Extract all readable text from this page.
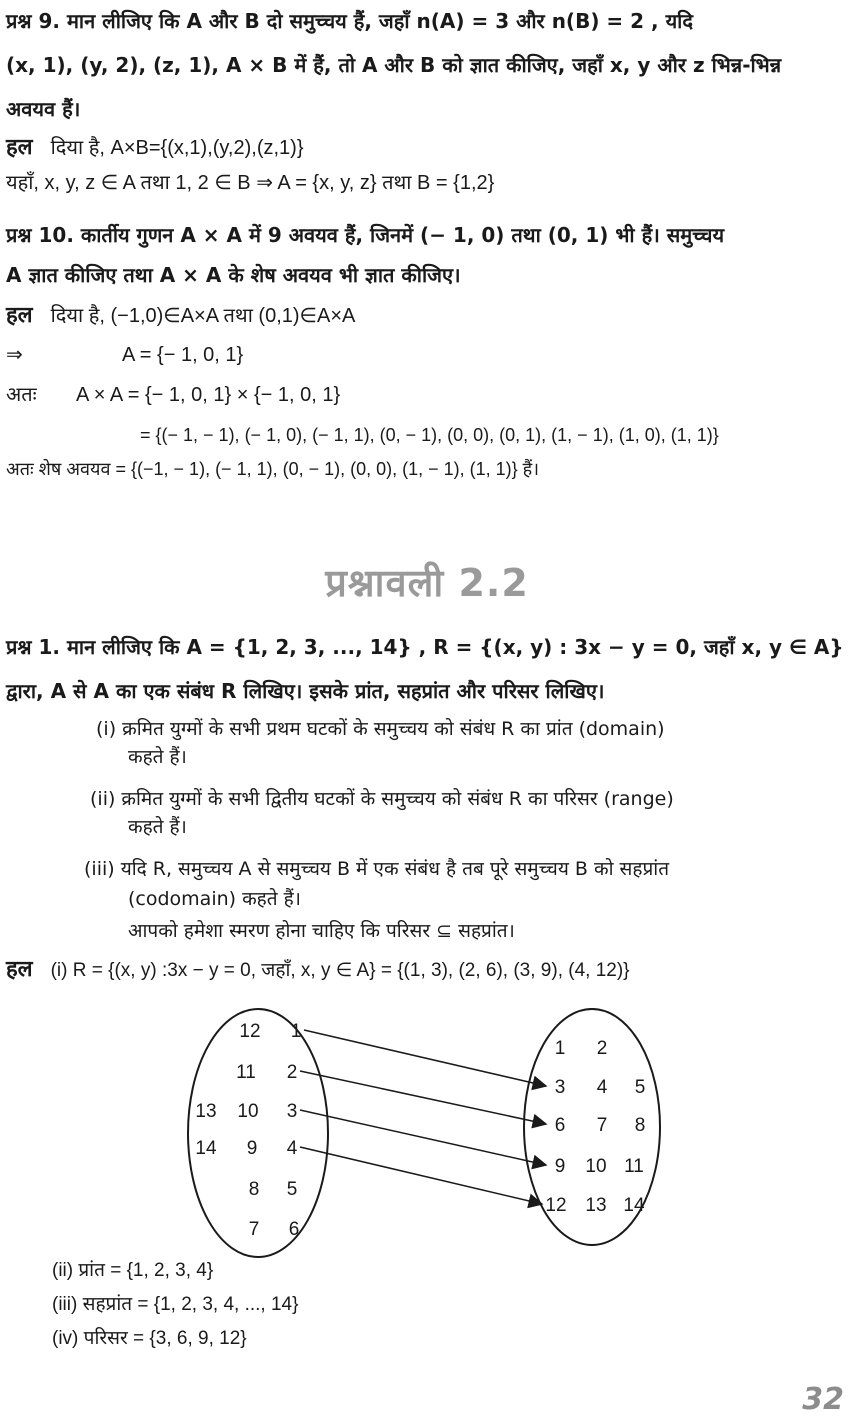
प्रश्न 9. मान लीजिए कि A और B दो समुच्चय हैं, जहाँ n(A) = 3 और n(B) = 2 , यदि
(x, 1), (y, 2), (z, 1), A × B में हैं, तो A और B को ज्ञात कीजिए, जहाँ x, y और z भिन्न-भिन्न
अवयव हैं।
हल दिया है, A×B={(x,1),(y,2),(z,1)}
यहाँ, x, y, z ∈ A तथा 1, 2 ∈ B ⇒ A = {x, y, z} तथा B = {1,2}
प्रश्न 10. कार्तीय गुणन A × A में 9 अवयव हैं, जिनमें (− 1, 0) तथा (0, 1) भी हैं। समुच्चय
A ज्ञात कीजिए तथा A × A के शेष अवयव भी ज्ञात कीजिए।
हल दिया है, (−1,0)∈A×A तथा (0,1)∈A×A
⇒	A = {− 1, 0, 1}
अतः A × A = {− 1, 0, 1} × {− 1, 0, 1}
= {(− 1, − 1), (− 1, 0), (− 1, 1), (0, − 1), (0, 0), (0, 1), (1, − 1), (1, 0), (1, 1)}
अतः शेष अवयव = {(−1, − 1), (− 1, 1), (0, − 1), (0, 0), (1, − 1), (1, 1)} हैं।
प्रश्नावली 2.2
प्रश्न 1. मान लीजिए कि A = {1, 2, 3, ..., 14} , R = {(x, y) : 3x − y = 0, जहाँ x, y ∈ A}
द्वारा, A से A का एक संबंध R लिखिए। इसके प्रांत, सहप्रांत और परिसर लिखिए।
(i) क्रमित युग्मों के सभी प्रथम घटकों के समुच्चय को संबंध R का प्रांत (domain)
कहते हैं।
(ii) क्रमित युग्मों के सभी द्वितीय घटकों के समुच्चय को संबंध R का परिसर (range)
कहते हैं।
(iii) यदि R, समुच्चय A से समुच्चय B में एक संबंध है तब पूरे समुच्चय B को सहप्रांत
(codomain) कहते हैं।
आपको हमेशा स्मरण होना चाहिए कि परिसर ⊆ सहप्रांत।
हल (i) R = {(x, y) :3x − y = 0, जहाँ, x, y ∈ A} = {(1, 3), (2, 6), (3, 9), (4, 12)}
12 1
11 2
13 10 3
14 9 4
8 5
7 6
1 2
3 4 5
6 7 8
9 10 11
12 13 14
(ii) प्रांत = {1, 2, 3, 4}
(iii) सहप्रांत = {1, 2, 3, 4, ..., 14}
(iv) परिसर = {3, 6, 9, 12}
32
